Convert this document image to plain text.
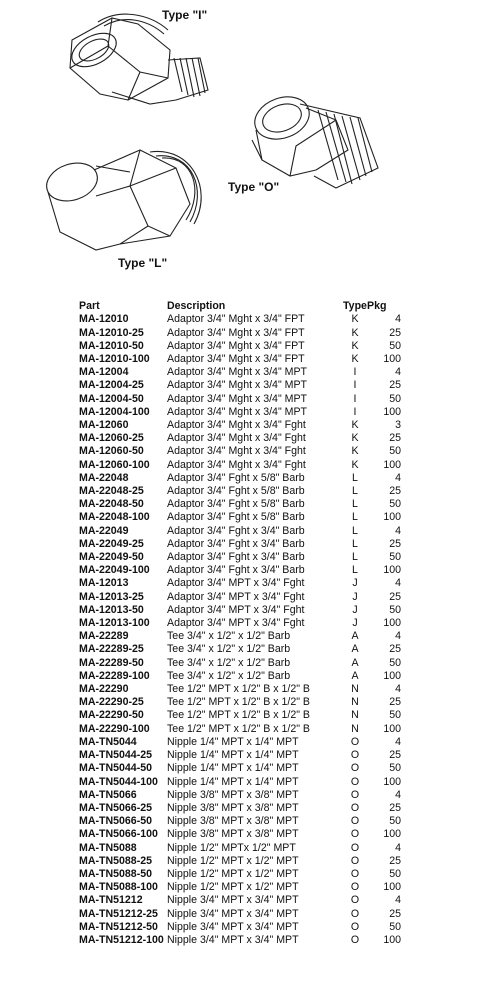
Type "I"
Type "O"
Type "L"
Part	Description	Type	Pkg
MA-12010	Adaptor 3/4" Mght x 3/4" FPT	K	4
MA-12010-25	Adaptor 3/4" Mght x 3/4" FPT	K	25
MA-12010-50	Adaptor 3/4" Mght x 3/4" FPT	K	50
MA-12010-100	Adaptor 3/4" Mght x 3/4" FPT	K	100
MA-12004	Adaptor 3/4" Mght x 3/4" MPT	I	4
MA-12004-25	Adaptor 3/4" Mght x 3/4" MPT	I	25
MA-12004-50	Adaptor 3/4" Mght x 3/4" MPT	I	50
MA-12004-100	Adaptor 3/4" Mght x 3/4" MPT	I	100
MA-12060	Adaptor 3/4" Mght x 3/4" Fght	K	3
MA-12060-25	Adaptor 3/4" Mght x 3/4" Fght	K	25
MA-12060-50	Adaptor 3/4" Mght x 3/4" Fght	K	50
MA-12060-100	Adaptor 3/4" Mght x 3/4" Fght	K	100
MA-22048	Adaptor 3/4" Fght x 5/8" Barb	L	4
MA-22048-25	Adaptor 3/4" Fght x 5/8" Barb	L	25
MA-22048-50	Adaptor 3/4" Fght x 5/8" Barb	L	50
MA-22048-100	Adaptor 3/4" Fght x 5/8" Barb	L	100
MA-22049	Adaptor 3/4" Fght x 3/4" Barb	L	4
MA-22049-25	Adaptor 3/4" Fght x 3/4" Barb	L	25
MA-22049-50	Adaptor 3/4" Fght x 3/4" Barb	L	50
MA-22049-100	Adaptor 3/4" Fght x 3/4" Barb	L	100
MA-12013	Adaptor 3/4" MPT x 3/4" Fght	J	4
MA-12013-25	Adaptor 3/4" MPT x 3/4" Fght	J	25
MA-12013-50	Adaptor 3/4" MPT x 3/4" Fght	J	50
MA-12013-100	Adaptor 3/4" MPT x 3/4" Fght	J	100
MA-22289	Tee 3/4" x 1/2" x 1/2" Barb	A	4
MA-22289-25	Tee 3/4" x 1/2" x 1/2" Barb	A	25
MA-22289-50	Tee 3/4" x 1/2" x 1/2" Barb	A	50
MA-22289-100	Tee 3/4" x 1/2" x 1/2" Barb	A	100
MA-22290	Tee 1/2" MPT x 1/2" B x 1/2" B	N	4
MA-22290-25	Tee 1/2" MPT x 1/2" B x 1/2" B	N	25
MA-22290-50	Tee 1/2" MPT x 1/2" B x 1/2" B	N	50
MA-22290-100	Tee 1/2" MPT x 1/2" B x 1/2" B	N	100
MA-TN5044	Nipple 1/4" MPT x 1/4" MPT	O	4
MA-TN5044-25	Nipple 1/4" MPT x 1/4" MPT	O	25
MA-TN5044-50	Nipple 1/4" MPT x 1/4" MPT	O	50
MA-TN5044-100	Nipple 1/4" MPT x 1/4" MPT	O	100
MA-TN5066	Nipple 3/8" MPT x 3/8" MPT	O	4
MA-TN5066-25	Nipple 3/8" MPT x 3/8" MPT	O	25
MA-TN5066-50	Nipple 3/8" MPT x 3/8" MPT	O	50
MA-TN5066-100	Nipple 3/8" MPT x 3/8" MPT	O	100
MA-TN5088	Nipple 1/2" MPTx 1/2" MPT	O	4
MA-TN5088-25	Nipple 1/2" MPT x 1/2" MPT	O	25
MA-TN5088-50	Nipple 1/2" MPT x 1/2" MPT	O	50
MA-TN5088-100	Nipple 1/2" MPT x 1/2" MPT	O	100
MA-TN51212	Nipple 3/4" MPT x 3/4" MPT	O	4
MA-TN51212-25	Nipple 3/4" MPT x 3/4" MPT	O	25
MA-TN51212-50	Nipple 3/4" MPT x 3/4" MPT	O	50
MA-TN51212-100	Nipple 3/4" MPT x 3/4" MPT	O	100
